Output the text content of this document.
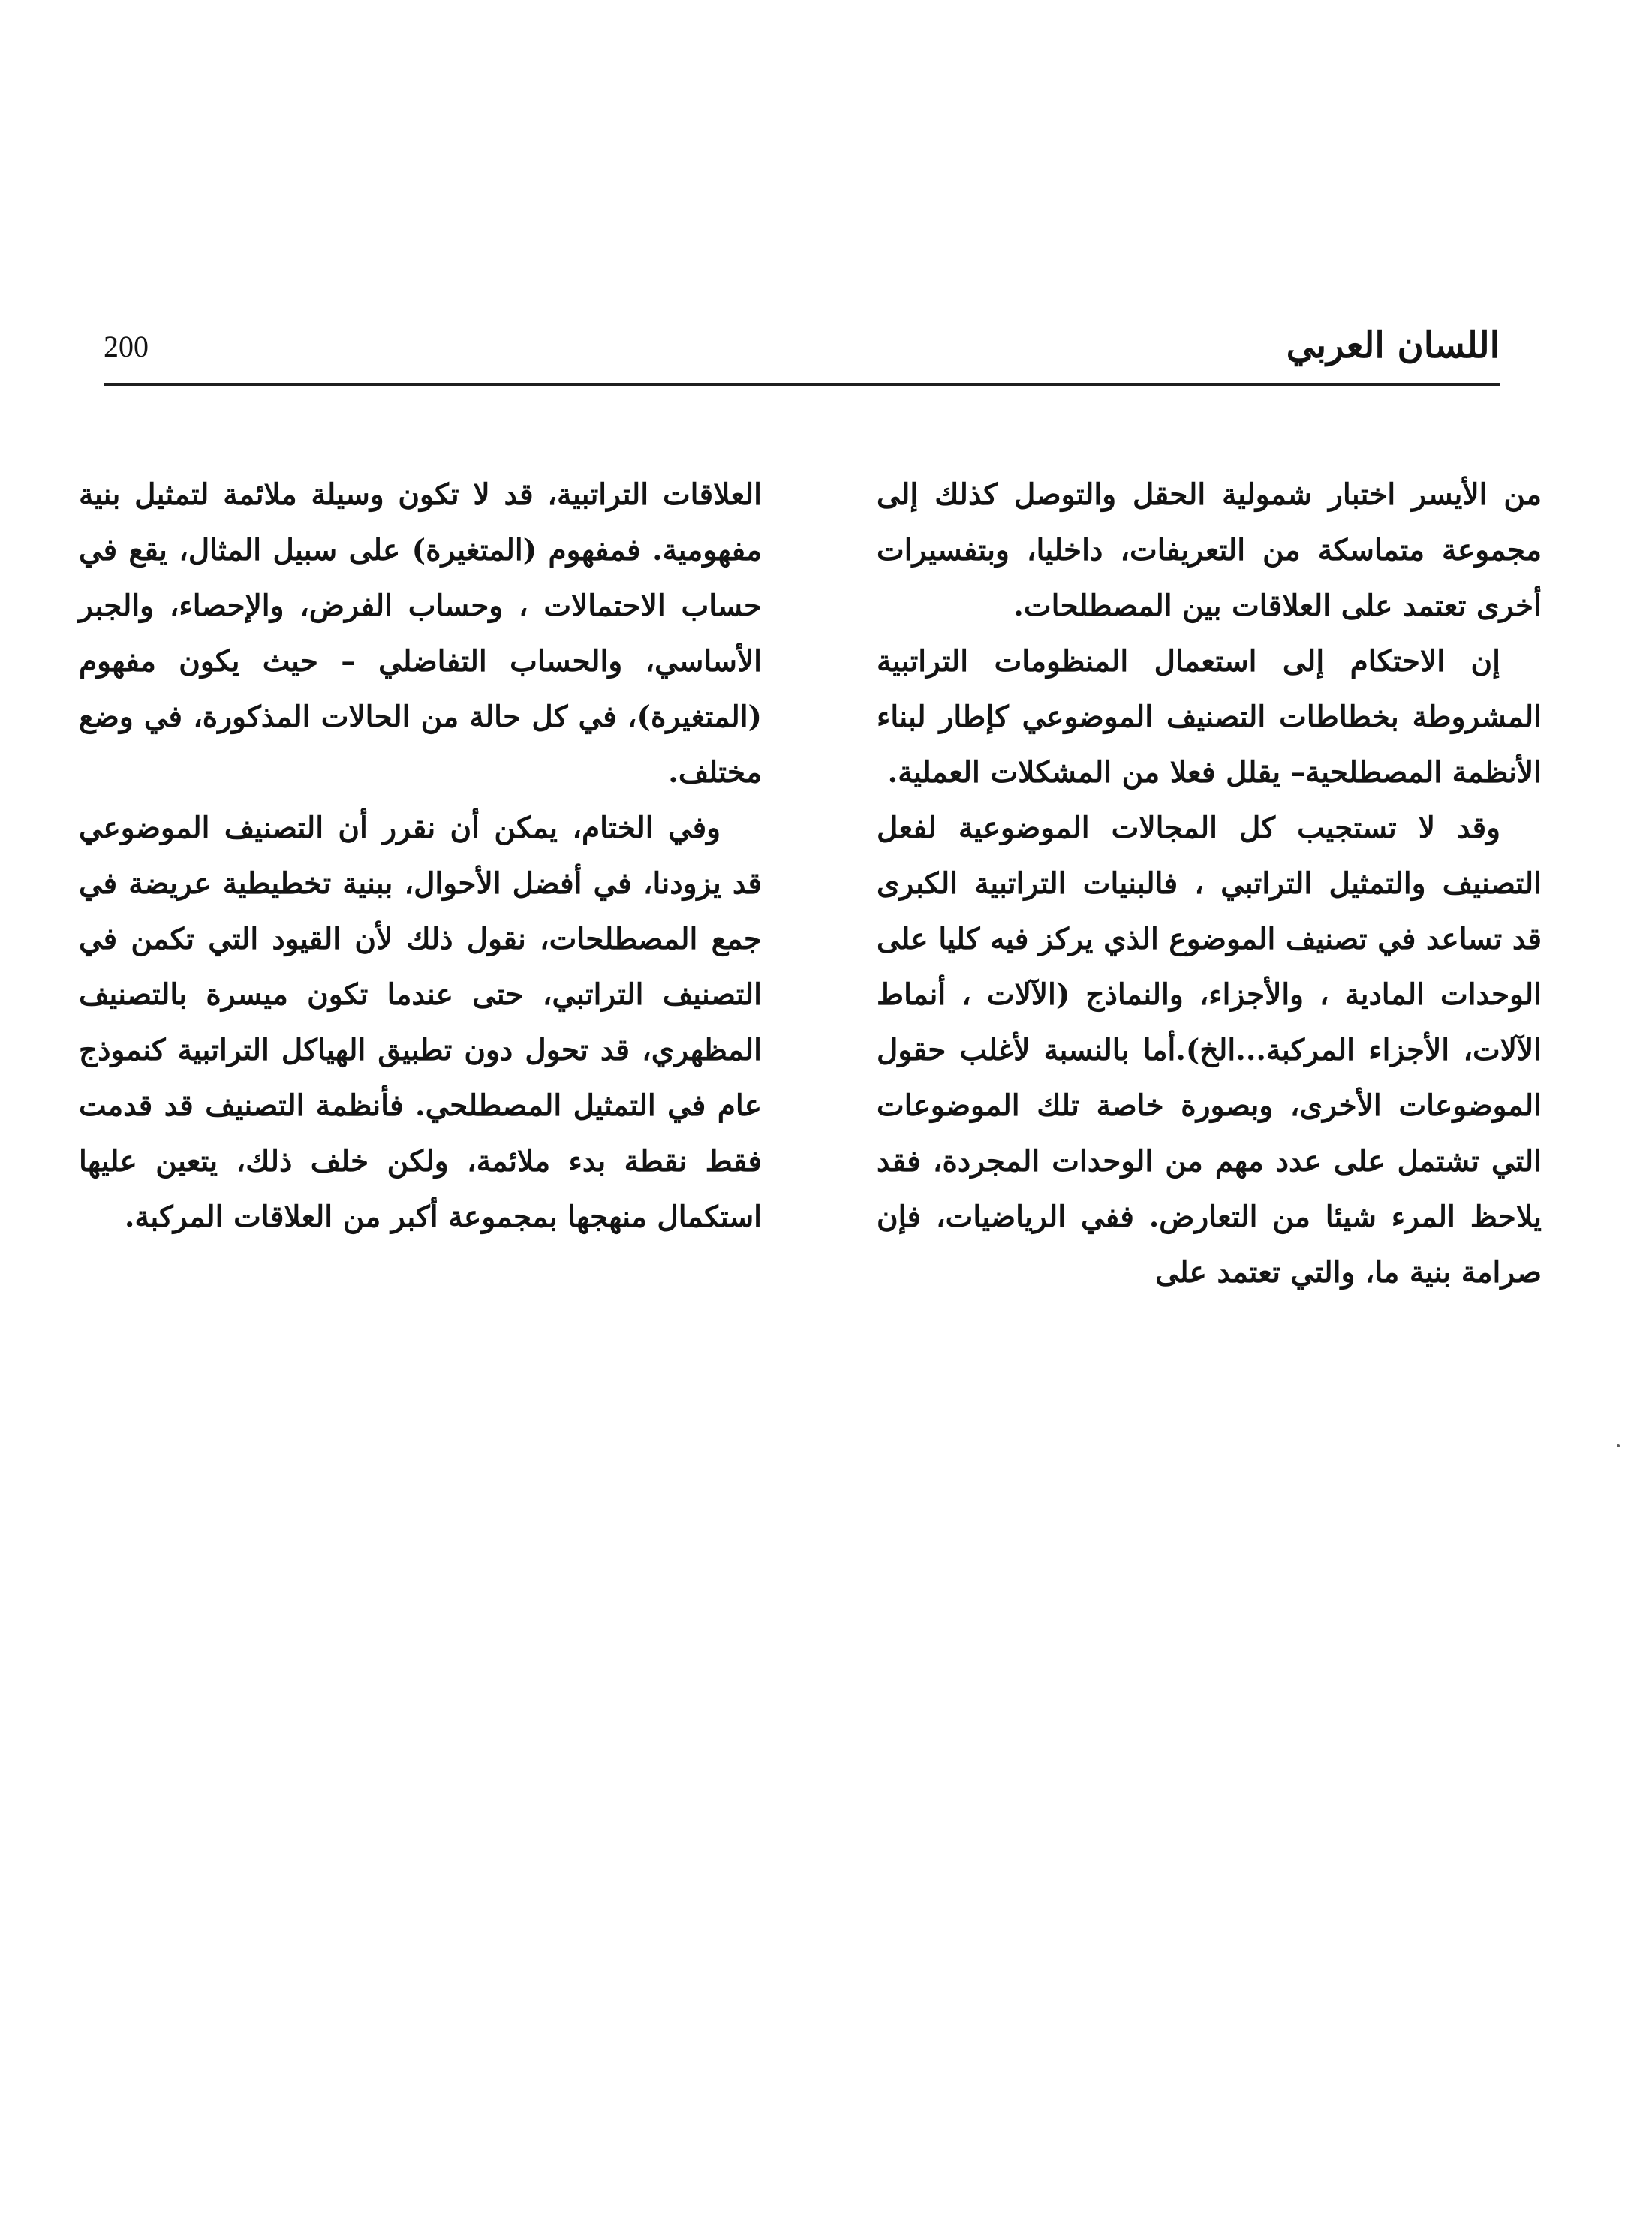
اللسان العربي
200

من الأيسر اختبار شمولية الحقل والتوصل كذلك إلى مجموعة متماسكة من التعريفات، داخليا، وبتفسيرات أخرى تعتمد على العلاقات بين المصطلحات.

إن الاحتكام إلى استعمال المنظومات التراتبية المشروطة بخطاطات التصنيف الموضوعي كإطار لبناء الأنظمة المصطلحية– يقلل فعلا من المشكلات العملية.

وقد لا تستجيب كل المجالات الموضوعية لفعل التصنيف والتمثيل التراتبي ، فالبنيات التراتبية الكبرى قد تساعد في تصنيف الموضوع الذي يركز فيه كليا على الوحدات المادية ، والأجزاء، والنماذج (الآلات ، أنماط الآلات، الأجزاء المركبة...الخ).أما بالنسبة لأغلب حقول الموضوعات الأخرى، وبصورة خاصة تلك الموضوعات التي تشتمل على عدد مهم من الوحدات المجردة، فقد يلاحظ المرء شيئا من التعارض. ففي الرياضيات، فإن صرامة بنية ما، والتي تعتمد على

العلاقات التراتبية، قد لا تكون وسيلة ملائمة لتمثيل بنية مفهومية. فمفهوم (المتغيرة) على سبيل المثال، يقع في حساب الاحتمالات ، وحساب الفرض، والإحصاء، والجبر الأساسي، والحساب التفاضلي – حيث يكون مفهوم (المتغيرة)، في كل حالة من الحالات المذكورة، في وضع مختلف.

وفي الختام، يمكن أن نقرر أن التصنيف الموضوعي قد يزودنا، في أفضل الأحوال، ببنية تخطيطية عريضة في جمع المصطلحات، نقول ذلك لأن القيود التي تكمن في التصنيف التراتبي، حتى عندما تكون ميسرة بالتصنيف المظهري، قد تحول دون تطبيق الهياكل التراتبية كنموذج عام في التمثيل المصطلحي. فأنظمة التصنيف قد قدمت فقط نقطة بدء ملائمة، ولكن خلف ذلك، يتعين عليها استكمال منهجها بمجموعة أكبر من العلاقات المركبة.
